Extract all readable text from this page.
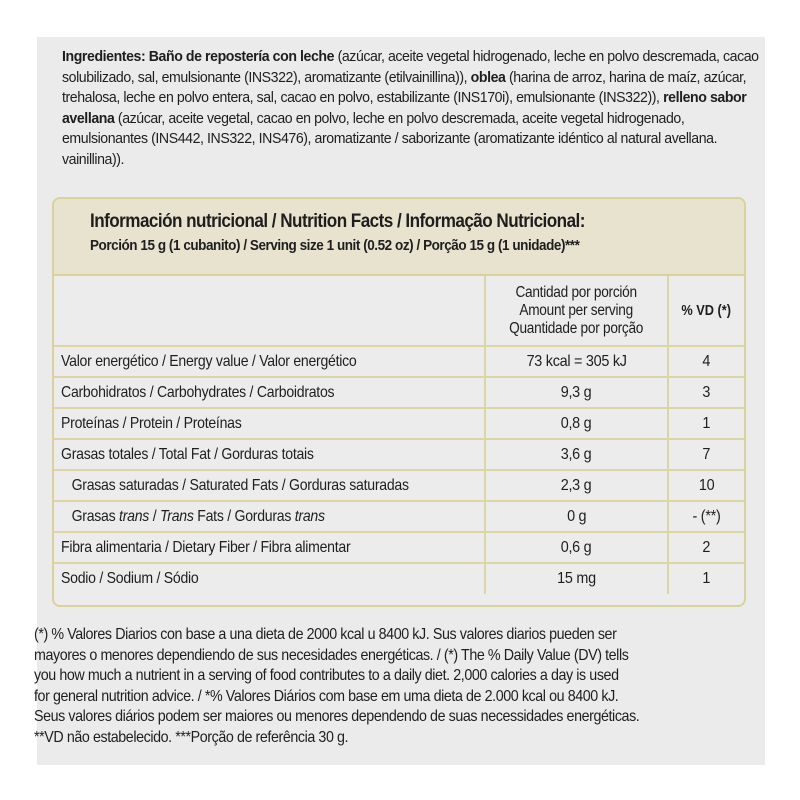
Ingredientes: Baño de repostería con leche (azúcar, aceite vegetal hidrogenado, leche en polvo descremada, cacao solubilizado, sal, emulsionante (INS322), aromatizante (etilvainillina)), oblea (harina de arroz, harina de maíz, azúcar, trehalosa, leche en polvo entera, sal, cacao en polvo, estabilizante (INS170i), emulsionante (INS322)), relleno sabor avellana (azúcar, aceite vegetal, cacao en polvo, leche en polvo descremada, aceite vegetal hidrogenado, emulsionantes (INS442, INS322, INS476), aromatizante / saborizante (aromatizante idéntico al natural avellana. vainillina)).
Información nutricional / Nutrition Facts / Informação Nutricional:
Porción 15 g (1 cubanito) / Serving size 1 unit (0.52 oz) / Porção 15 g (1 unidade)***
	Cantidad por porción
Amount per serving
Quantidade por porção	% VD (*)
Valor energético / Energy value / Valor energético	73 kcal = 305 kJ	4
Carbohidratos / Carbohydrates / Carboidratos	9,3 g	3
Proteínas / Protein / Proteínas	0,8 g	1
Grasas totales / Total Fat / Gorduras totais	3,6 g	7
Grasas saturadas / Saturated Fats / Gorduras saturadas	2,3 g	10
Grasas trans / Trans Fats / Gorduras trans	0 g	- (**)
Fibra alimentaria / Dietary Fiber / Fibra alimentar	0,6 g	2
Sodio / Sodium / Sódio	15 mg	1

(*) % Valores Diarios con base a una dieta de 2000 kcal u 8400 kJ. Sus valores diarios pueden ser

mayores o menores dependiendo de sus necesidades energéticas. / (*) The % Daily Value (DV) tells

you how much a nutrient in a serving of food contributes to a daily diet. 2,000 calories a day is used

for general nutrition advice. / *% Valores Diários com base em uma dieta de 2.000 kcal ou 8400 kJ.

Seus valores diários podem ser maiores ou menores dependendo de suas necessidades energéticas.

**VD não estabelecido. ***Porção de referência 30 g.
